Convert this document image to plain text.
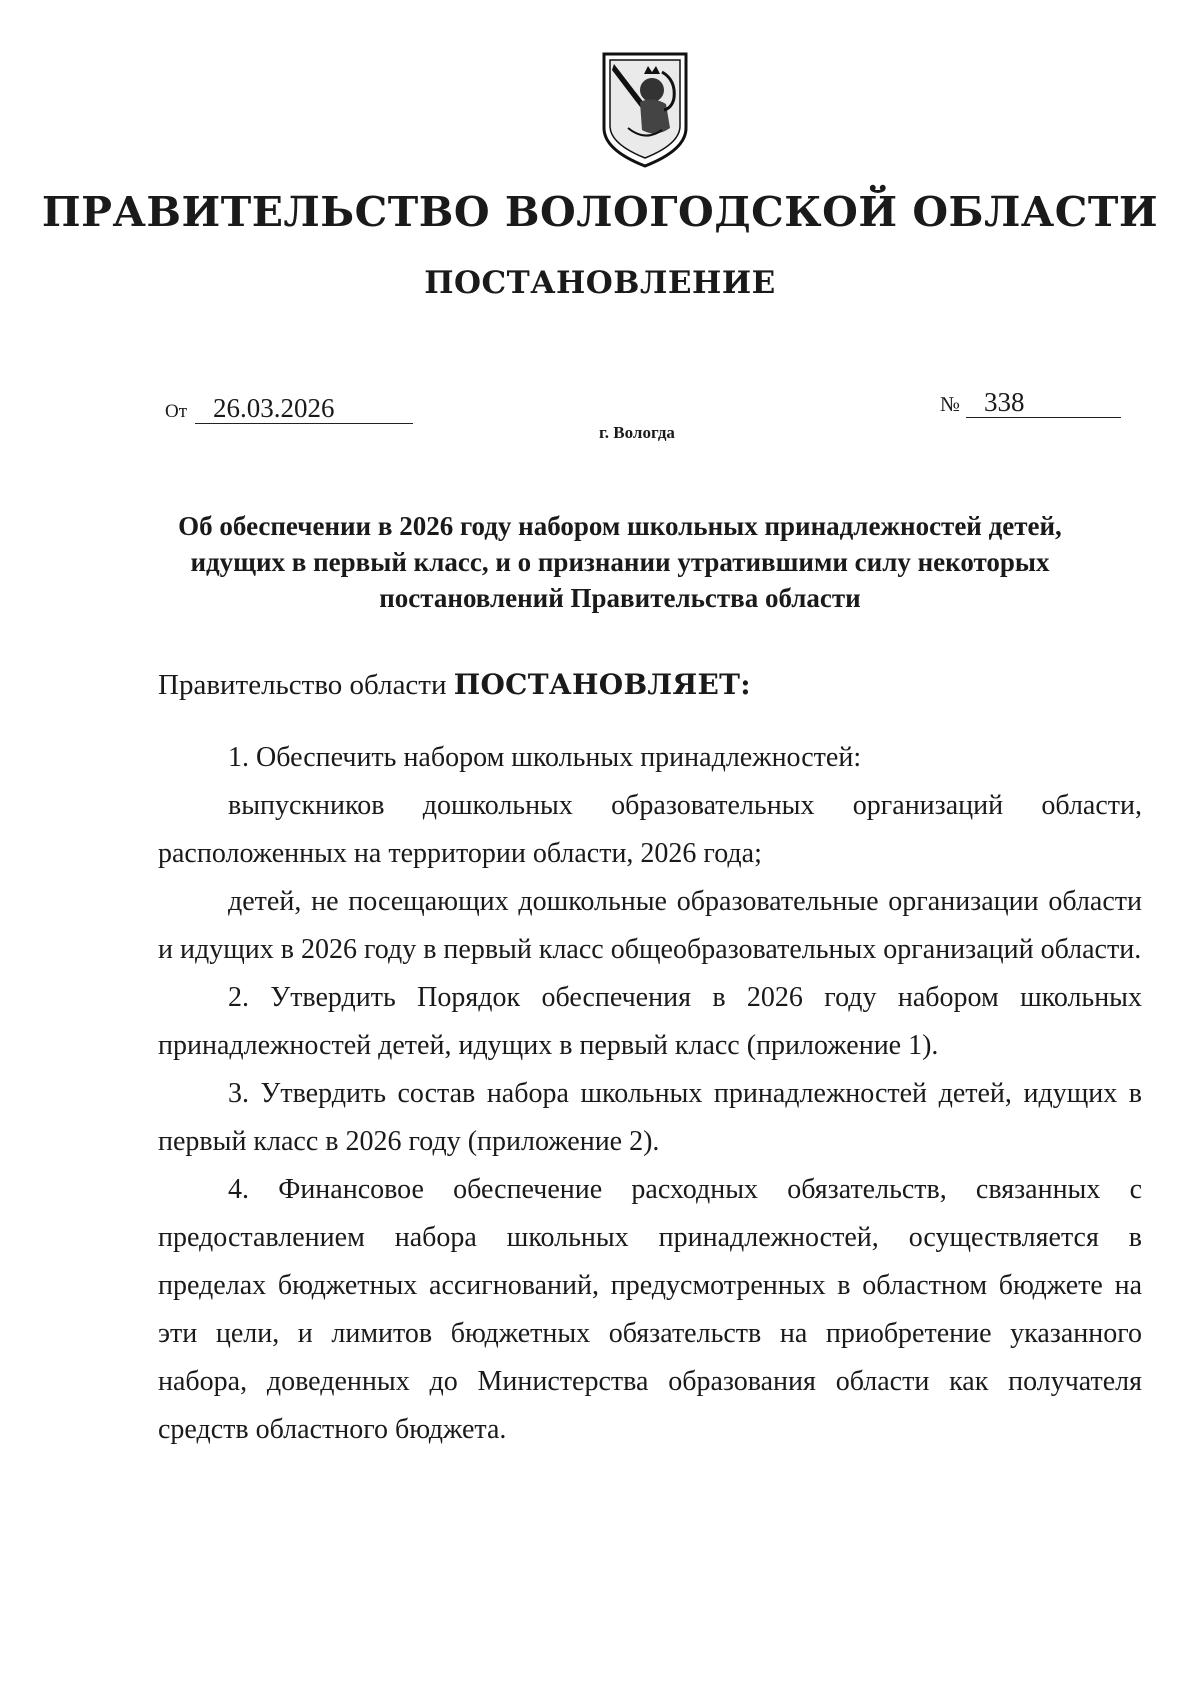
ПРАВИТЕЛЬСТВО ВОЛОГОДСКОЙ ОБЛАСТИ
ПОСТАНОВЛЕНИЕ
От 26.03.2026	№ 338
г. Вологда
Об обеспечении в 2026 году набором школьных принадлежностей детей,
идущих в первый класс, и о признании утратившими силу некоторых
постановлений Правительства области
Правительство области ПОСТАНОВЛЯЕТ:

1. Обеспечить набором школьных принадлежностей:

выпускников дошкольных образовательных организаций области, расположенных на территории области, 2026 года;

детей, не посещающих дошкольные образовательные организации области и идущих в 2026 году в первый класс общеобразовательных организаций области.

2. Утвердить Порядок обеспечения в 2026 году набором школьных принадлежностей детей, идущих в первый класс (приложение 1).

3. Утвердить состав набора школьных принадлежностей детей, идущих в первый класс в 2026 году (приложение 2).

4. Финансовое обеспечение расходных обязательств, связанных с предоставлением набора школьных принадлежностей, осуществляется в пределах бюджетных ассигнований, предусмотренных в областном бюджете на эти цели, и лимитов бюджетных обязательств на приобретение указанного набора, доведенных до Министерства образования области как получателя средств областного бюджета.
